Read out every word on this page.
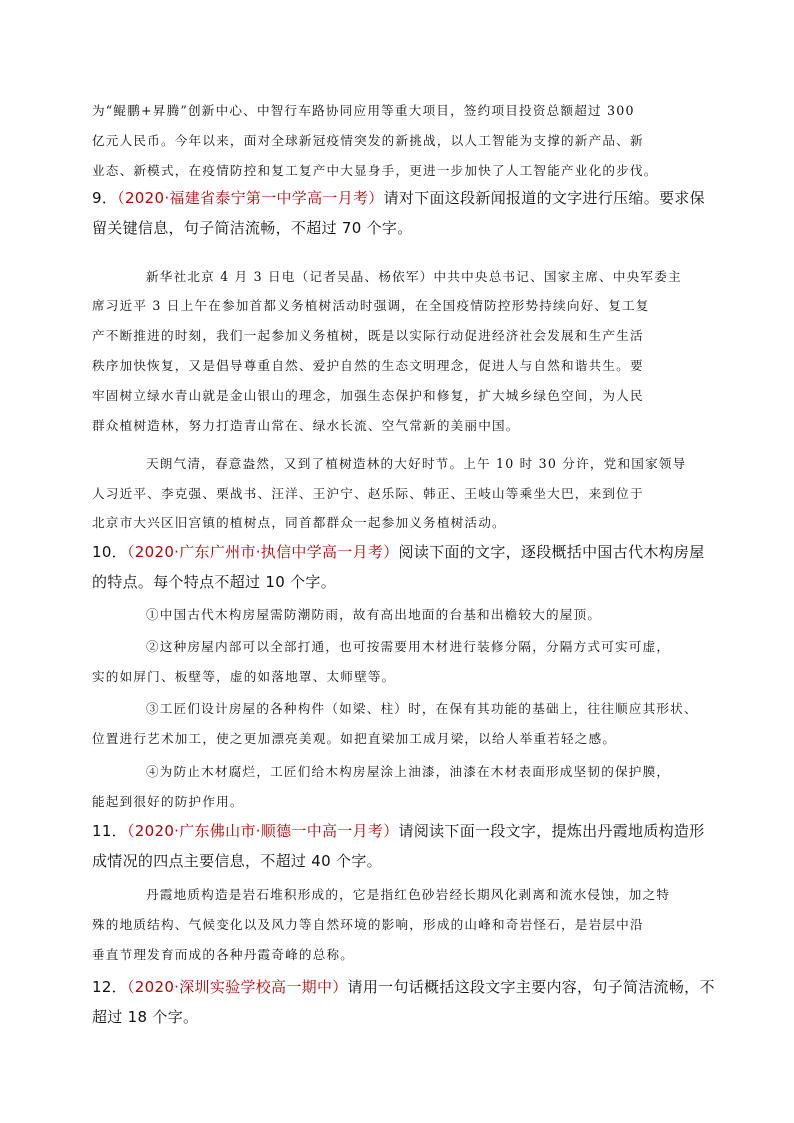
为“鲲鹏+昇腾”创新中心、中智行车路协同应用等重大项目，签约项目投资总额超过 300
亿元人民币。今年以来，面对全球新冠疫情突发的新挑战，以人工智能为支撑的新产品、新
业态、新模式，在疫情防控和复工复产中大显身手，更进一步加快了人工智能产业化的步伐。
9．（2020·福建省泰宁第一中学高一月考）请对下面这段新闻报道的文字进行压缩。要求保
留关键信息，句子简洁流畅，不超过 70 个字。
新华社北京 4 月 3 日电（记者吴晶、杨依军）中共中央总书记、国家主席、中央军委主
席习近平 3 日上午在参加首都义务植树活动时强调，在全国疫情防控形势持续向好、复工复
产不断推进的时刻，我们一起参加义务植树，既是以实际行动促进经济社会发展和生产生活
秩序加快恢复，又是倡导尊重自然、爱护自然的生态文明理念，促进人与自然和谐共生。要
牢固树立绿水青山就是金山银山的理念，加强生态保护和修复，扩大城乡绿色空间，为人民
群众植树造林，努力打造青山常在、绿水长流、空气常新的美丽中国。
天朗气清，春意盎然，又到了植树造林的大好时节。上午 10 时 30 分许，党和国家领导
人习近平、李克强、栗战书、汪洋、王沪宁、赵乐际、韩正、王岐山等乘坐大巴，来到位于
北京市大兴区旧宫镇的植树点，同首都群众一起参加义务植树活动。
10．（2020·广东广州市·执信中学高一月考）阅读下面的文字，逐段概括中国古代木构房屋
的特点。每个特点不超过 10 个字。
①中国古代木构房屋需防潮防雨，故有高出地面的台基和出檐较大的屋顶。
②这种房屋内部可以全部打通，也可按需要用木材进行装修分隔，分隔方式可实可虚，
实的如屏门、板壁等，虚的如落地罩、太师壁等。
③工匠们设计房屋的各种构件（如梁、柱）时，在保有其功能的基础上，往往顺应其形状、
位置进行艺术加工，使之更加漂亮美观。如把直梁加工成月梁，以给人举重若轻之感。
④为防止木材腐烂，工匠们给木构房屋涂上油漆，油漆在木材表面形成坚韧的保护膜，
能起到很好的防护作用。
11．（2020·广东佛山市·顺德一中高一月考）请阅读下面一段文字，提炼出丹霞地质构造形
成情况的四点主要信息，不超过 40 个字。
丹霞地质构造是岩石堆积形成的，它是指红色砂岩经长期风化剥离和流水侵蚀，加之特
殊的地质结构、气候变化以及风力等自然环境的影响，形成的山峰和奇岩怪石，是岩层中沿
垂直节理发育而成的各种丹霞奇峰的总称。
12．（2020·深圳实验学校高一期中）请用一句话概括这段文字主要内容，句子简洁流畅，不
超过 18 个字。
